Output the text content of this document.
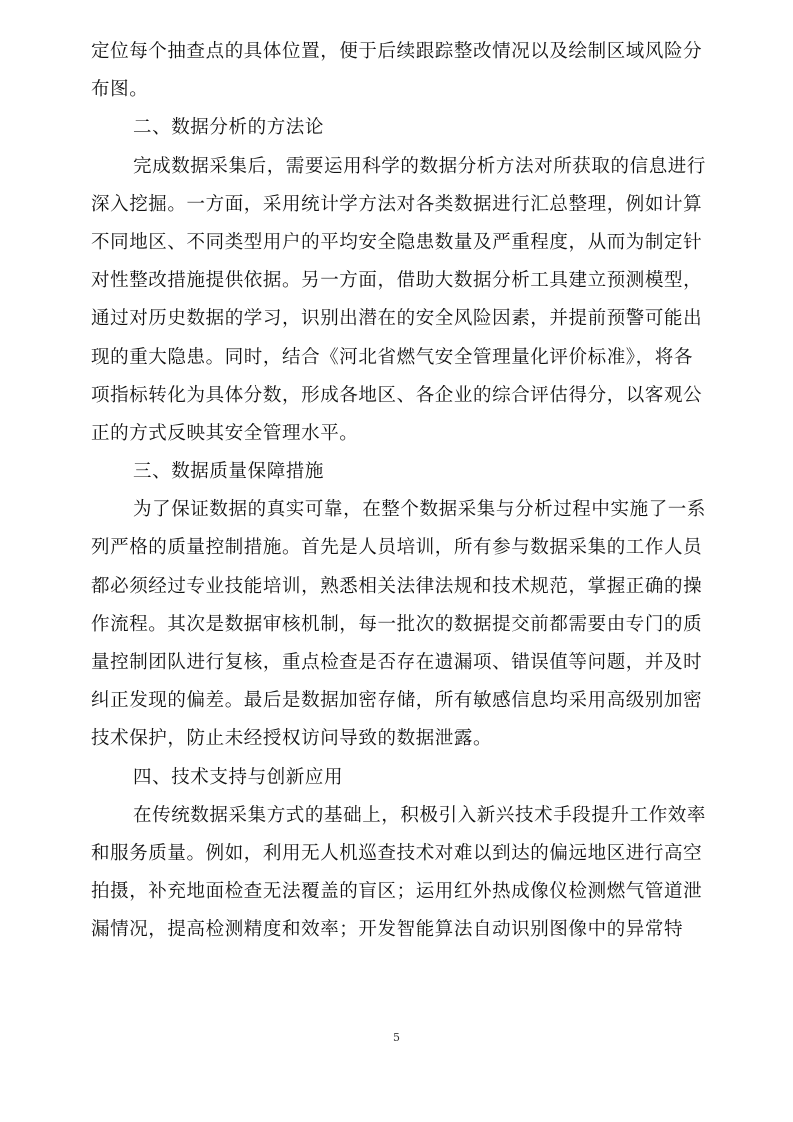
定位每个抽查点的具体位置，便于后续跟踪整改情况以及绘制区域风险分
布图。
二、数据分析的方法论
完成数据采集后，需要运用科学的数据分析方法对所获取的信息进行
深入挖掘。一方面，采用统计学方法对各类数据进行汇总整理，例如计算
不同地区、不同类型用户的平均安全隐患数量及严重程度，从而为制定针
对性整改措施提供依据。另一方面，借助大数据分析工具建立预测模型，
通过对历史数据的学习，识别出潜在的安全风险因素，并提前预警可能出
现的重大隐患。同时，结合《河北省燃气安全管理量化评价标准》，将各
项指标转化为具体分数，形成各地区、各企业的综合评估得分，以客观公
正的方式反映其安全管理水平。
三、数据质量保障措施
为了保证数据的真实可靠，在整个数据采集与分析过程中实施了一系
列严格的质量控制措施。首先是人员培训，所有参与数据采集的工作人员
都必须经过专业技能培训，熟悉相关法律法规和技术规范，掌握正确的操
作流程。其次是数据审核机制，每一批次的数据提交前都需要由专门的质
量控制团队进行复核，重点检查是否存在遗漏项、错误值等问题，并及时
纠正发现的偏差。最后是数据加密存储，所有敏感信息均采用高级别加密
技术保护，防止未经授权访问导致的数据泄露。
四、技术支持与创新应用
在传统数据采集方式的基础上，积极引入新兴技术手段提升工作效率
和服务质量。例如，利用无人机巡查技术对难以到达的偏远地区进行高空
拍摄，补充地面检查无法覆盖的盲区；运用红外热成像仪检测燃气管道泄
漏情况，提高检测精度和效率；开发智能算法自动识别图像中的异常特
5
